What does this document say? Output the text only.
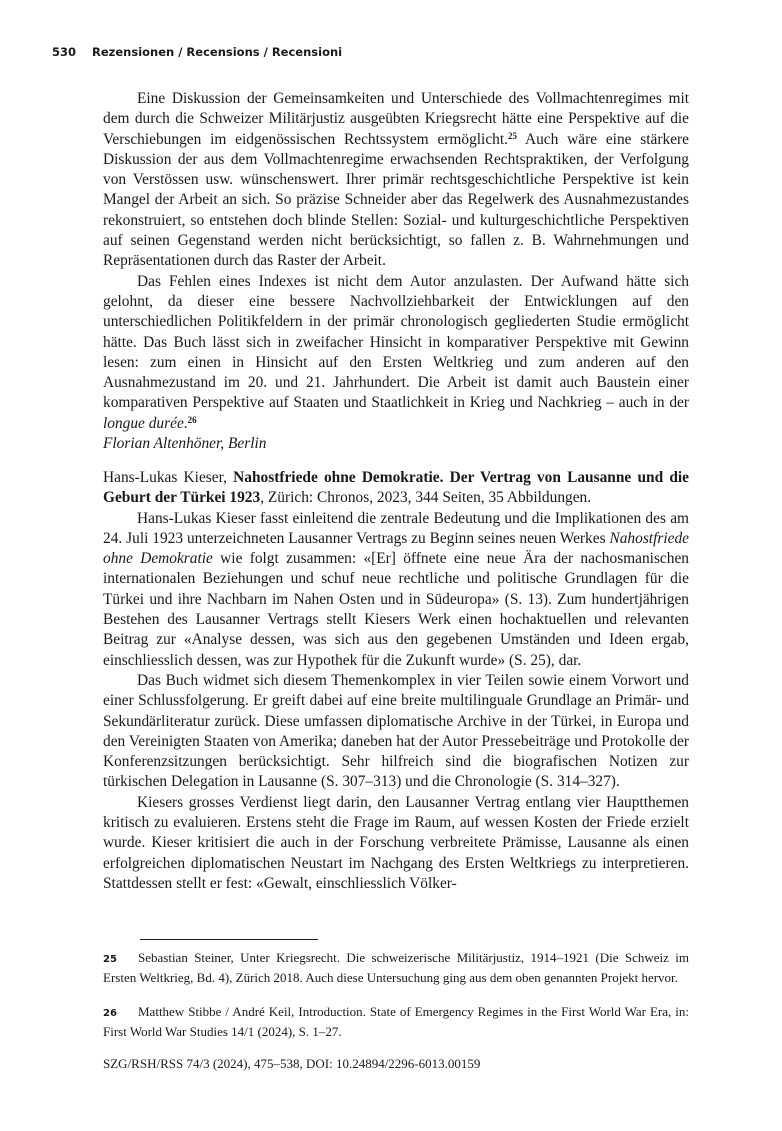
530 Rezensionen / Recensions / Recensioni

Eine Diskussion der Gemeinsamkeiten und Unterschiede des Vollmachtenregimes mit dem durch die Schweizer Militärjustiz ausgeübten Kriegsrecht hätte eine Perspektive auf die Verschiebungen im eidgenössischen Rechtssystem ermöglicht.$^{25}$ Auch wäre eine stärkere Diskussion der aus dem Vollmachtenregime erwachsenden Rechtspraktiken, der Verfolgung von Verstössen usw. wünschenswert. Ihrer primär rechtsgeschichtliche Perspektive ist kein Mangel der Arbeit an sich. So präzise Schneider aber das Regelwerk des Ausnahmezustandes rekonstruiert, so entstehen doch blinde Stellen: Sozial- und kulturgeschichtliche Perspektiven auf seinen Gegenstand werden nicht berücksichtigt, so fallen z. B. Wahrnehmungen und Repräsentationen durch das Raster der Arbeit.

Das Fehlen eines Indexes ist nicht dem Autor anzulasten. Der Aufwand hätte sich gelohnt, da dieser eine bessere Nachvollziehbarkeit der Entwicklungen auf den unterschiedlichen Politikfeldern in der primär chronologisch gegliederten Studie ermöglicht hätte. Das Buch lässt sich in zweifacher Hinsicht in komparativer Perspektive mit Gewinn lesen: zum einen in Hinsicht auf den Ersten Weltkrieg und zum anderen auf den Ausnahmezustand im 20. und 21. Jahrhundert. Die Arbeit ist damit auch Baustein einer komparativen Perspektive auf Staaten und Staatlichkeit in Krieg und Nachkrieg – auch in der longue durée.$^{26}$

Florian Altenhöner, Berlin

Hans-Lukas Kieser, Nahostfriede ohne Demokratie. Der Vertrag von Lausanne und die Geburt der Türkei 1923, Zürich: Chronos, 2023, 344 Seiten, 35 Abbildungen.

Hans-Lukas Kieser fasst einleitend die zentrale Bedeutung und die Implikationen des am 24. Juli 1923 unterzeichneten Lausanner Vertrags zu Beginn seines neuen Werkes Nahostfriede ohne Demokratie wie folgt zusammen: «[Er] öffnete eine neue Ära der nachosmanischen internationalen Beziehungen und schuf neue rechtliche und politische Grundlagen für die Türkei und ihre Nachbarn im Nahen Osten und in Südeuropa» (S. 13). Zum hundertjährigen Bestehen des Lausanner Vertrags stellt Kiesers Werk einen hochaktuellen und relevanten Beitrag zur «Analyse dessen, was sich aus den gegebenen Umständen und Ideen ergab, einschliesslich dessen, was zur Hypothek für die Zukunft wurde» (S. 25), dar.

Das Buch widmet sich diesem Themenkomplex in vier Teilen sowie einem Vorwort und einer Schlussfolgerung. Er greift dabei auf eine breite multilinguale Grundlage an Primär- und Sekundärliteratur zurück. Diese umfassen diplomatische Archive in der Türkei, in Europa und den Vereinigten Staaten von Amerika; daneben hat der Autor Pressebeiträge und Protokolle der Konferenzsitzungen berücksichtigt. Sehr hilfreich sind die biografischen Notizen zur türkischen Delegation in Lausanne (S. 307–313) und die Chronologie (S. 314–327).

Kiesers grosses Verdienst liegt darin, den Lausanner Vertrag entlang vier Hauptthemen kritisch zu evaluieren. Erstens steht die Frage im Raum, auf wessen Kosten der Friede erzielt wurde. Kieser kritisiert die auch in der Forschung verbreitete Prämisse, Lausanne als einen erfolgreichen diplomatischen Neustart im Nachgang des Ersten Weltkriegs zu interpretieren. Stattdessen stellt er fest: «Gewalt, einschliesslich Völker-

25 Sebastian Steiner, Unter Kriegsrecht. Die schweizerische Militärjustiz, 1914–1921 (Die Schweiz im Ersten Weltkrieg, Bd. 4), Zürich 2018. Auch diese Untersuchung ging aus dem oben genannten Projekt hervor.
26 Matthew Stibbe / André Keil, Introduction. State of Emergency Regimes in the First World War Era, in: First World War Studies 14/1 (2024), S. 1–27.
SZG/RSH/RSS 74/3 (2024), 475–538, DOI: 10.24894/2296-6013.00159
